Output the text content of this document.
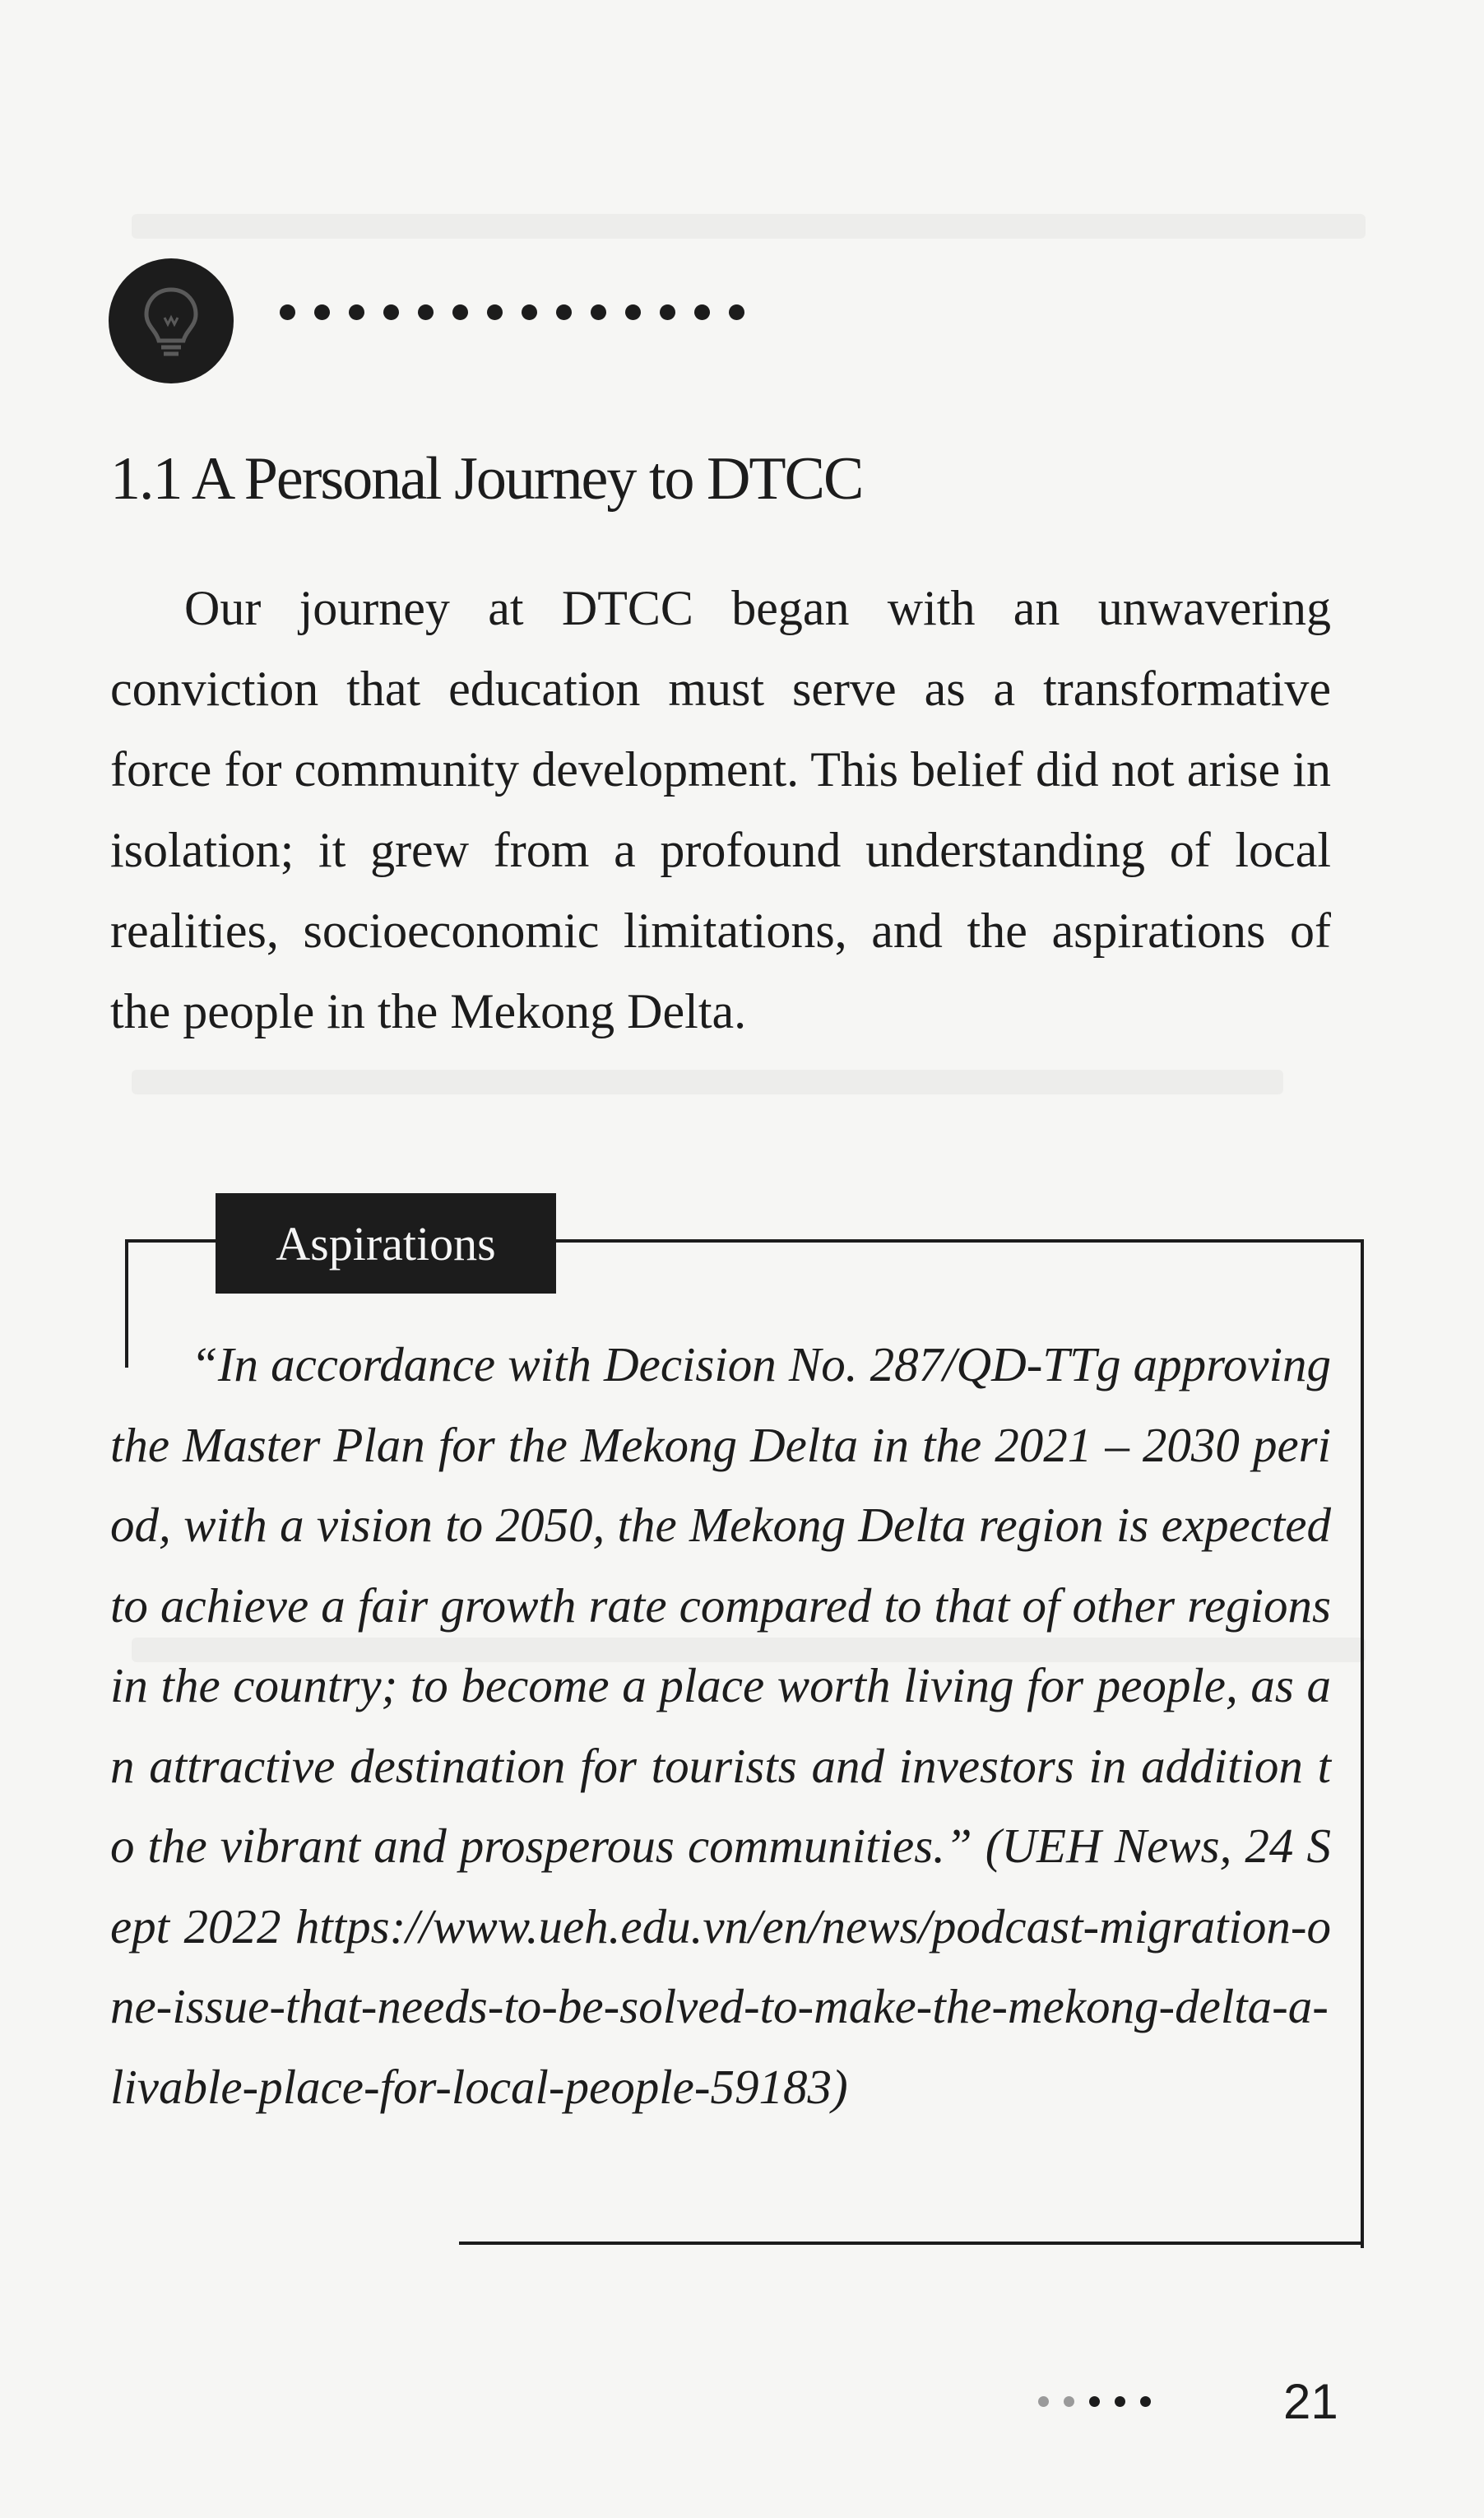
1.1 A Personal Journey to DTCC

Our journey at DTCC began with an unwavering conviction that education must serve as a transformative force for community development. This belief did not arise in isolation; it grew from a profound understanding of local realities, socioeconomic limitations, and the aspirations of the people in the Mekong Delta.

Aspirations

“In accordance with Decision No. 287/QD-TTg approving the Master Plan for the Mekong Delta in the 2021 – 2030 period, with a vision to 2050, the Mekong Delta region is expected to achieve a fair growth rate compared to that of other regions in the country; to become a place worth living for people, as an attractive destination for tourists and investors in addition to the vibrant and prosperous communities.” (UEH News, 24 Sept 2022 https://www.ueh.edu.vn/en/news/podcast-migration-one-issue-that-needs-to-be-solved-to-make-the-mekong-delta-a-livable-place-for-local-people-59183)

21
